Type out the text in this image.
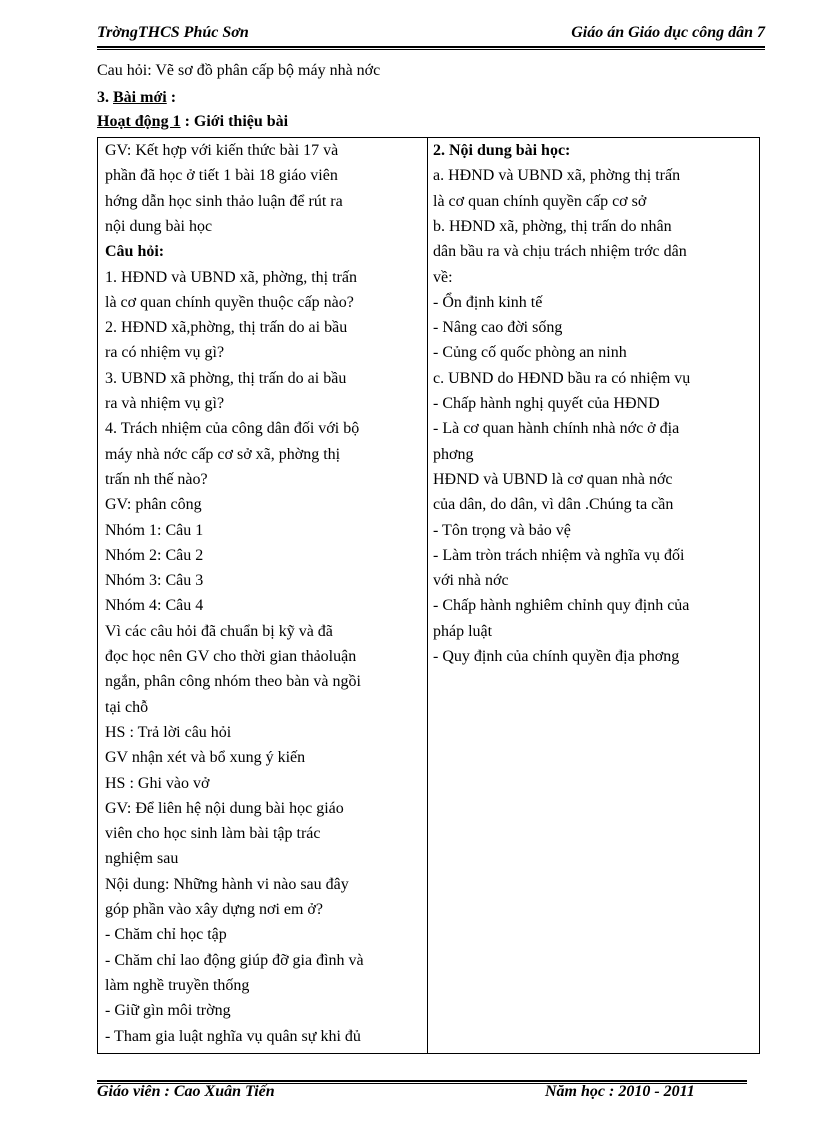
TrờngTHCS Phúc Sơn	Giáo án Giáo dục công dân 7
Cau hỏi: Vẽ sơ đồ phân cấp bộ máy nhà nớc
3. Bài mới :
Hoạt động 1 : Giới thiệu bài
GV: Kết hợp với kiến thức bài 17 và
phần đã học ở tiết 1 bài 18 giáo viên
hớng dẫn học sinh thảo luận để rút ra
nội dung bài học
Câu hỏi:
1. HĐND và UBND xã, phờng, thị trấn
là cơ quan chính quyền thuộc cấp nào?
2. HĐND xã,phờng, thị trấn do ai bầu
ra có nhiệm vụ gì?
3. UBND xã phờng, thị trấn do ai bầu
ra và nhiệm vụ gì?
4. Trách nhiệm của công dân đối với bộ
máy nhà nớc cấp cơ sở xã, phờng thị
trấn nh thế nào?
GV: phân công
Nhóm 1: Câu 1
Nhóm 2: Câu 2
Nhóm 3: Câu 3
Nhóm 4: Câu 4
Vì các câu hỏi đã chuẩn bị kỹ và đã
đọc học nên GV cho thời gian thảoluận
ngắn, phân công nhóm theo bàn và ngồi
tại chỗ
HS : Trả lời câu hỏi
GV nhận xét và bổ xung ý kiến
HS : Ghi vào vở
GV: Để liên hệ nội dung bài học giáo
viên cho học sinh làm bài tập trác
nghiệm sau
Nội dung: Những hành vi nào sau đây
góp phần vào xây dựng nơi em ở?
- Chăm chỉ học tập
- Chăm chỉ lao động giúp đỡ gia đình và
làm nghề truyền thống
- Giữ gìn môi trờng
- Tham gia luật nghĩa vụ quân sự khi đủ
2. Nội dung bài học:
a. HĐND và UBND xã, phờng thị trấn
là cơ quan chính quyền cấp cơ sở
b. HĐND xã, phờng, thị trấn do nhân
dân bầu ra và chịu trách nhiệm trớc dân
về:
- Ổn định kinh tế
- Nâng cao đời sống
- Củng cố quốc phòng an ninh
c. UBND do HĐND bầu ra có nhiệm vụ
- Chấp hành nghị quyết của HĐND
- Là cơ quan hành chính nhà nớc ở địa
phơng
HĐND và UBND là cơ quan nhà nớc
của dân, do dân, vì dân .Chúng ta cần
- Tôn trọng và bảo vệ
- Làm tròn trách nhiệm và nghĩa vụ đối
với nhà nớc
- Chấp hành nghiêm chỉnh quy định của
pháp luật
- Quy định của chính quyền địa phơng
Giáo viên : Cao Xuân Tiến	Năm học : 2010 - 2011
